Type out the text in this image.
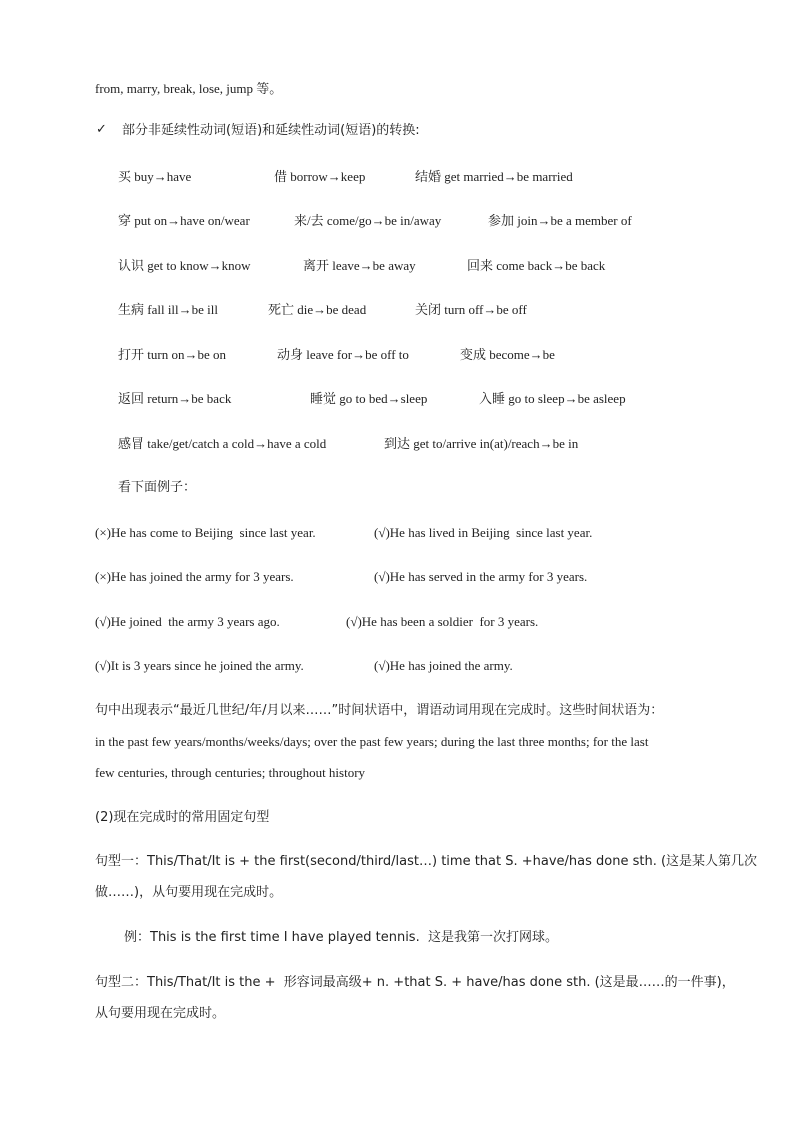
from, marry, break, lose, jump 等。
✓ 部分非延续性动词(短语)和延续性动词(短语)的转换:
买 buy→have	借 borrow→keep	结婚 get married→be married
穿 put on→have on/wear	来/去 come/go→be in/away	参加 join→be a member of
认识 get to know→know	离开 leave→be away	回来 come back→be back
生病 fall ill→be ill	死亡 die→be dead	关闭 turn off→be off
打开 turn on→be on	动身 leave for→be off to	变成 become→be
返回 return→be back	睡觉 go to bed→sleep	入睡 go to sleep→be asleep
感冒 take/get/catch a cold→have a cold	到达 get to/arrive in(at)/reach→be in
看下面例子：
(×)He has come to Beijing  since last year.	(√)He has lived in Beijing  since last year.
(×)He has joined the army for 3 years.	(√)He has served in the army for 3 years.
(√)He joined  the army 3 years ago.	(√)He has been a soldier  for 3 years.
(√)It is 3 years since he joined the army.	(√)He has joined the army.
句中出现表示“最近几世纪/年/月以来……”时间状语中，谓语动词用现在完成时。这些时间状语为：
in the past few years/months/weeks/days; over the past few years; during the last three months; for the last
few centuries, through centuries; throughout history
(2)现在完成时的常用固定句型
句型一：This/That/It is + the first(second/third/last…) time that S. +have/has done sth. (这是某人第几次
做……)，从句要用现在完成时。
例：This is the first time I have played tennis.  这是我第一次打网球。
句型二：This/That/It is the +  形容词最高级+ n. +that S. + have/has done sth. (这是最……的一件事)，
从句要用现在完成时。
